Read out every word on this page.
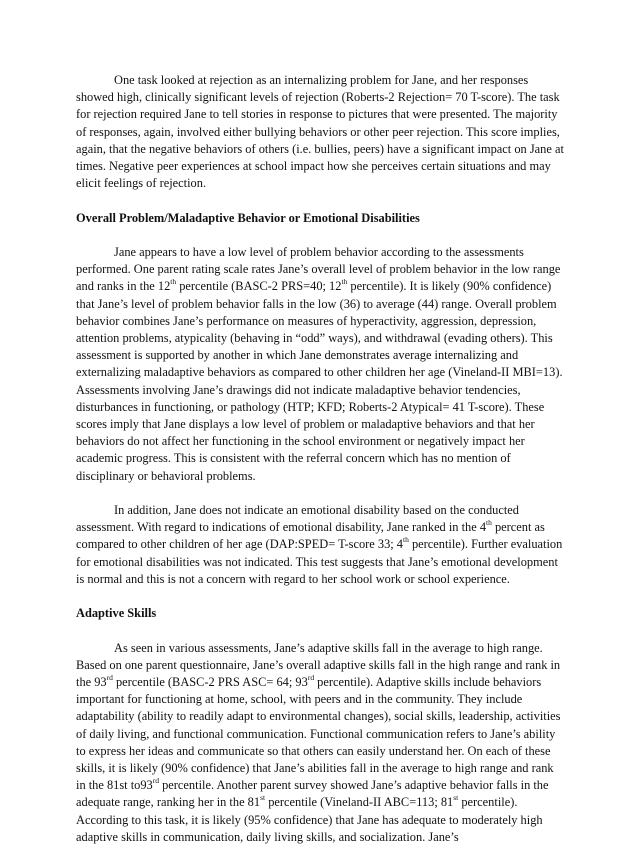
One task looked at rejection as an internalizing problem for Jane, and her responses showed high, clinically significant levels of rejection (Roberts-2 Rejection= 70 T-score). The task for rejection required Jane to tell stories in response to pictures that were presented. The majority of responses, again, involved either bullying behaviors or other peer rejection. This score implies, again, that the negative behaviors of others (i.e. bullies, peers) have a significant impact on Jane at times. Negative peer experiences at school impact how she perceives certain situations and may elicit feelings of rejection.

Overall Problem/Maladaptive Behavior or Emotional Disabilities

Jane appears to have a low level of problem behavior according to the assessments performed. One parent rating scale rates Jane’s overall level of problem behavior in the low range and ranks in the 12th percentile (BASC-2 PRS=40; 12th percentile). It is likely (90% confidence) that Jane’s level of problem behavior falls in the low (36) to average (44) range. Overall problem behavior combines Jane’s performance on measures of hyperactivity, aggression, depression, attention problems, atypicality (behaving in “odd” ways), and withdrawal (evading others). This assessment is supported by another in which Jane demonstrates average internalizing and externalizing maladaptive behaviors as compared to other children her age (Vineland-II MBI=13). Assessments involving Jane’s drawings did not indicate maladaptive behavior tendencies, disturbances in functioning, or pathology (HTP; KFD; Roberts-2 Atypical= 41 T-score). These scores imply that Jane displays a low level of problem or maladaptive behaviors and that her behaviors do not affect her functioning in the school environment or negatively impact her academic progress. This is consistent with the referral concern which has no mention of disciplinary or behavioral problems.

In addition, Jane does not indicate an emotional disability based on the conducted assessment. With regard to indications of emotional disability, Jane ranked in the 4th percent as compared to other children of her age (DAP:SPED= T-score 33; 4th percentile). Further evaluation for emotional disabilities was not indicated. This test suggests that Jane’s emotional development is normal and this is not a concern with regard to her school work or school experience.

Adaptive Skills

As seen in various assessments, Jane’s adaptive skills fall in the average to high range. Based on one parent questionnaire, Jane’s overall adaptive skills fall in the high range and rank in the 93rd percentile (BASC-2 PRS ASC= 64; 93rd percentile). Adaptive skills include behaviors important for functioning at home, school, with peers and in the community. They include adaptability (ability to readily adapt to environmental changes), social skills, leadership, activities of daily living, and functional communication. Functional communication refers to Jane’s ability to express her ideas and communicate so that others can easily understand her. On each of these skills, it is likely (90% confidence) that Jane’s abilities fall in the average to high range and rank in the 81st to93rd percentile. Another parent survey showed Jane’s adaptive behavior falls in the adequate range, ranking her in the 81st percentile (Vineland-II ABC=113; 81st percentile). According to this task, it is likely (95% confidence) that Jane has adequate to moderately high adaptive skills in communication, daily living skills, and socialization. Jane’s
